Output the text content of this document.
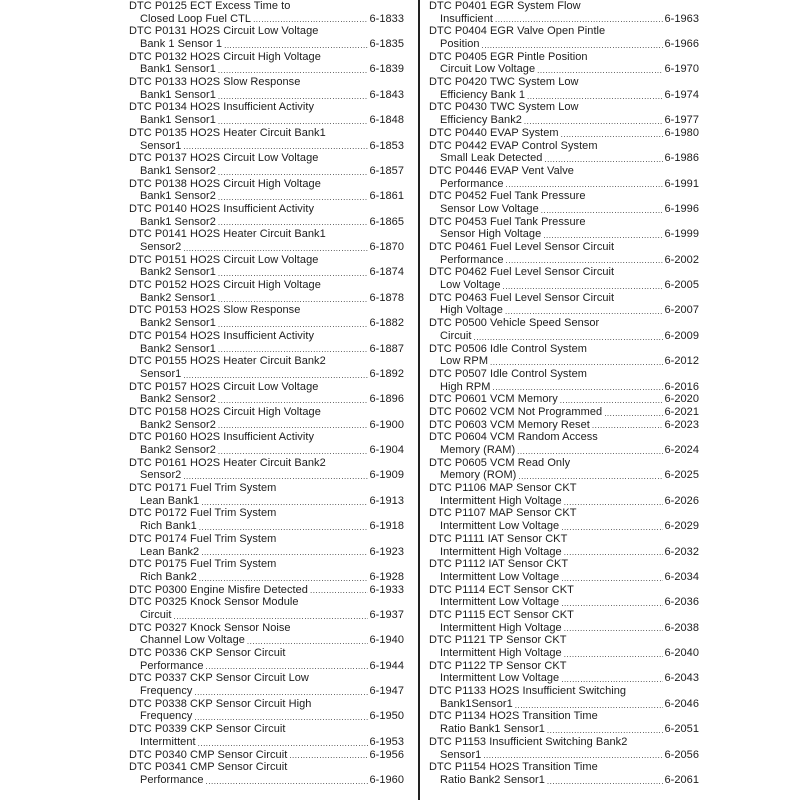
DTC P0125 ECT Excess Time to
Closed Loop Fuel CTL .....	6-1833
DTC P0131 HO2S Circuit Low Voltage
Bank 1 Sensor 1 .....	6-1835
DTC P0132 HO2S Circuit High Voltage
Bank1 Sensor1 .....	6-1839
DTC P0133 HO2S Slow Response
Bank1 Sensor1 .....	6-1843
DTC P0134 HO2S Insufficient Activity
Bank1 Sensor1 .....	6-1848
DTC P0135 HO2S Heater Circuit Bank1
Sensor1 .....	6-1853
DTC P0137 HO2S Circuit Low Voltage
Bank1 Sensor2 .....	6-1857
DTC P0138 HO2S Circuit High Voltage
Bank1 Sensor2 .....	6-1861
DTC P0140 HO2S Insufficient Activity
Bank1 Sensor2 .....	6-1865
DTC P0141 HO2S Heater Circuit Bank1
Sensor2 .....	6-1870
DTC P0151 HO2S Circuit Low Voltage
Bank2 Sensor1 .....	6-1874
DTC P0152 HO2S Circuit High Voltage
Bank2 Sensor1 .....	6-1878
DTC P0153 HO2S Slow Response
Bank2 Sensor1 .....	6-1882
DTC P0154 HO2S Insufficient Activity
Bank2 Sensor1 .....	6-1887
DTC P0155 HO2S Heater Circuit Bank2
Sensor1 .....	6-1892
DTC P0157 HO2S Circuit Low Voltage
Bank2 Sensor2 .....	6-1896
DTC P0158 HO2S Circuit High Voltage
Bank2 Sensor2 .....	6-1900
DTC P0160 HO2S Insufficient Activity
Bank2 Sensor2 .....	6-1904
DTC P0161 HO2S Heater Circuit Bank2
Sensor2 .....	6-1909
DTC P0171 Fuel Trim System
Lean Bank1 .....	6-1913
DTC P0172 Fuel Trim System
Rich Bank1 .....	6-1918
DTC P0174 Fuel Trim System
Lean Bank2 .....	6-1923
DTC P0175 Fuel Trim System
Rich Bank2 .....	6-1928
DTC P0300 Engine Misfire Detected .....	6-1933
DTC P0325 Knock Sensor Module
Circuit .....	6-1937
DTC P0327 Knock Sensor Noise
Channel Low Voltage .....	6-1940
DTC P0336 CKP Sensor Circuit
Performance .....	6-1944
DTC P0337 CKP Sensor Circuit Low
Frequency .....	6-1947
DTC P0338 CKP Sensor Circuit High
Frequency .....	6-1950
DTC P0339 CKP Sensor Circuit
Intermittent .....	6-1953
DTC P0340 CMP Sensor Circuit .....	6-1956
DTC P0341 CMP Sensor Circuit
Performance .....	6-1960
DTC P0401 EGR System Flow
Insufficient .....	6-1963
DTC P0404 EGR Valve Open Pintle
Position .....	6-1966
DTC P0405 EGR Pintle Position
Circuit Low Voltage .....	6-1970
DTC P0420 TWC System Low
Efficiency Bank 1 .....	6-1974
DTC P0430 TWC System Low
Efficiency Bank2 .....	6-1977
DTC P0440 EVAP System .....	6-1980
DTC P0442 EVAP Control System
Small Leak Detected .....	6-1986
DTC P0446 EVAP Vent Valve
Performance .....	6-1991
DTC P0452 Fuel Tank Pressure
Sensor Low Voltage .....	6-1996
DTC P0453 Fuel Tank Pressure
Sensor High Voltage .....	6-1999
DTC P0461 Fuel Level Sensor Circuit
Performance .....	6-2002
DTC P0462 Fuel Level Sensor Circuit
Low Voltage .....	6-2005
DTC P0463 Fuel Level Sensor Circuit
High Voltage .....	6-2007
DTC P0500 Vehicle Speed Sensor
Circuit .....	6-2009
DTC P0506 Idle Control System
Low RPM .....	6-2012
DTC P0507 Idle Control System
High RPM .....	6-2016
DTC P0601 VCM Memory .....	6-2020
DTC P0602 VCM Not Programmed .....	6-2021
DTC P0603 VCM Memory Reset .....	6-2023
DTC P0604 VCM Random Access
Memory (RAM) .....	6-2024
DTC P0605 VCM Read Only
Memory (ROM) .....	6-2025
DTC P1106 MAP Sensor CKT
Intermittent High Voltage .....	6-2026
DTC P1107 MAP Sensor CKT
Intermittent Low Voltage .....	6-2029
DTC P1111 IAT Sensor CKT
Intermittent High Voltage .....	6-2032
DTC P1112 IAT Sensor CKT
Intermittent Low Voltage .....	6-2034
DTC P1114 ECT Sensor CKT
Intermittent Low Voltage .....	6-2036
DTC P1115 ECT Sensor CKT
Intermittent High Voltage .....	6-2038
DTC P1121 TP Sensor CKT
Intermittent High Voltage .....	6-2040
DTC P1122 TP Sensor CKT
Intermittent Low Voltage .....	6-2043
DTC P1133 HO2S Insufficient Switching
Bank1Sensor1 .....	6-2046
DTC P1134 HO2S Transition Time
Ratio Bank1 Sensor1 .....	6-2051
DTC P1153 Insufficient Switching Bank2
Sensor1 .....	6-2056
DTC P1154 HO2S Transition Time
Ratio Bank2 Sensor1 .....	6-2061
